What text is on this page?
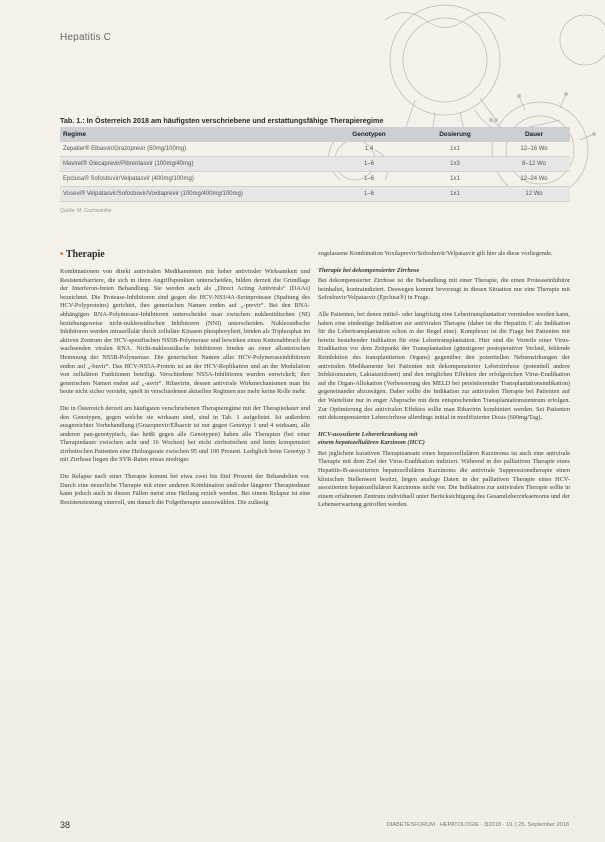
Hepatitis C
Tab. 1.: In Österreich 2018 am häufigsten verschriebene und erstattungsfähige Therapieregime
Regime	Genotypen	Dosierung	Dauer
Zepatier® Elbasvir/Grazoprevir (50mg/100mg)	1,4	1x1	12–16 Wo
Maviret® Glecaprevir/Pibrentasvir (100mg/40mg)	1–6	1x3	8–12 Wo
Epclusa® Sofosbuvir/Velpatasvir (400mg/100mg)	1–6	1x1	12–24 Wo
Vosevi® Velpatasvir/Sofosbuvir/Voxilaprevir (100mg/400mg/100mg)	1–6	1x1	12 Wo
Quelle: M. Gschwantler
• Therapie

Kombinationen von direkt antiviralen Medikamenten mit hoher antiviraler Wirksamkeit und Resistenzbarriere, die sich in ihren Angriffspunkten unterscheiden, bilden derzeit die Grundlage der Interferon-freien Behandlung. Sie werden auch als „Direct Acting Antivirals“ (DAAs) bezeichnet. Die Protease-Inhibitoren sind gegen die HCV-NS3/4A-Serinprotease (Spaltung des HCV-Polyproteins) gerichtet, ihre generischen Namen enden auf „-previr“. Bei den RNA-abhängigen RNA-Polymerase-Inhibitoren unterscheidet man zwischen nukleotidischen (NI) beziehungsweise nicht-nukleosidischen Inhibitoren (NNI) unterscheiden. Nukleosidische Inhibitoren werden intrazellulär durch zelluläre Kinasen phosphoryliert, binden als Triphosphat im aktiven Zentrum der HCV-spezifischen NS5B-Polymerase und bewirken einen Kettenabbruch der wachsenden viralen RNA. Nicht-nukleosidische Inhibitoren binden an einer allosterischen Hemmung der NS5B-Polymerase. Die generischen Namen aller HCV-Polymeraseinhibitoren enden auf „-buvir“. Das HCV-NS5A-Protein ist an der HCV-Replikation und an der Modulation von zellulären Funktionen beteiligt. Verschiedene NS5A-Inhibitoren wurden entwickelt; ihre generischen Namen enden auf „-asvir“. Ribavirin, dessen antivirale Wirkmechanismen man bis heute nicht sicher versteht, spielt in verschiedenen aktuellen Regimen nur mehr keine Rolle mehr.

Die in Österreich derzeit am häufigsten verschriebenen Therapieregime mit der Therapiedauer und den Genotypen, gegen welche sie wirksam sind, sind in Tab. 1 aufgelistet. Ist außerdem ausgereichter Vorbehandlung (Grazoprevir/Elbasvir ist nur gegen Genotyp 1 und 4 wirksam, alle anderen pan-genotypisch, das heißt gegen alle Genotypen) haben alle Therapien (bei einer Therapiedauer zwischen acht und 16 Wochen) bei nicht zirrhotischen und beim kompensiert zirrhotischen Patienten eine Heilungsrate zwischen 95 und 100 Prozent. Lediglich beim Genotyp 3 mit Zirrhose liegen die SVR-Raten etwas niedriger.

Die Relapse nach einer Therapie kommt bei etwa zwei bis fünf Prozent der Behandelten vor. Durch eine neuerliche Therapie mit einer anderen Kombination und/oder längerer Therapiedauer kann jedoch auch in diesen Fällen meist eine Heilung erzielt werden. Bei einem Relapse ist eine Resistenztestung sinnvoll, um danach die Folgetherapie auszuwählen. Die zulässig

zugelassene Kombination Voxilaprevir/Sofosbuvir/Velpatasvir gilt hier als diese vorliegende.

Therapie bei dekompensierter Zirrhose

Bei dekompensierter Zirrhose ist die Behandlung mit einer Therapie, die einen Proteaseinhibitor beinhaltet, kontraindiziert. Deswegen kommt bevorzugt in diesen Situation nur eine Therapie mit Sofosbuvir/Velpatasvir (Epclusa®) in Frage.

Alle Patienten, bei denen mittel- oder langfristig eine Lebertransplantation vermieden werden kann, haben eine eindeutige Indikation zur antiviralen Therapie (daher ist die Hepatitis C als Indikation für die Lebertransplantation schon in der Regel eine). Komplexer ist die Frage bei Patienten mit bereits bestehender Indikation für eine Lebertransplantation. Hier sind die Vorteile einer Virus-Eradikation vor dem Zeitpunkt der Transplantation (günstigerer postoperativer Verlauf, fehlende Reinfektion des transplantierten Organs) gegenüber den potentiellen Nebenwirkungen der antiviralen Medikamente bei Patienten mit dekompensierter Leberzirrhose (potentiell andere Infektionsraten, Laktatazidosen) und den möglichen Effekten der erfolgreichen Virus-Eradikation auf die Organ-Allokation (Verbesserung des MELD bei persistierender Transplantationsindikation) gegeneinander abzuwägen. Daher sollte die Indikation zur antiviralen Therapie bei Patienten auf der Warteliste nur in enger Absprache mit dem entsprechenden Transplantationszentrum erfolgen. Zur Optimierung des antiviralen Effektes sollte man Ribavirin kombiniert werden. Sei Patienten mit dekompensierter Lebercirrhose allerdings initial in modifizierter Dosis (600mg/Tag).

HCV-assoziierte Lebererkrankung mit
einem hepatozellulären Karzinom (HCC)

Bei jeglichem kurativen Therapieansatz eines hepatozellulären Karzinoms ist auch eine antivirale Therapie mit dem Ziel der Virus-Eradikation indiziert. Während in der palliativen Therapie eines Hepatitis-B-assoziierten hepatozellulären Karzinoms die antivirale Suppressionstherapie einen klinischen Stellenwert besitzt, liegen analoge Daten in der palliativen Therapie eines HCV-assoziierten hepatozellulären Karzinoms nicht vor. Die Indikation zur antiviralen Therapie sollte in einem erfahrenen Zentrum individuell unter Berücksichtigung des Gesamtleberzirkaemoms und der Lebenserwartung getroffen werden.

38	DIABETESFORUM · HEPATOLOGIE · 3|2018 · 19. | 25. September 2018
